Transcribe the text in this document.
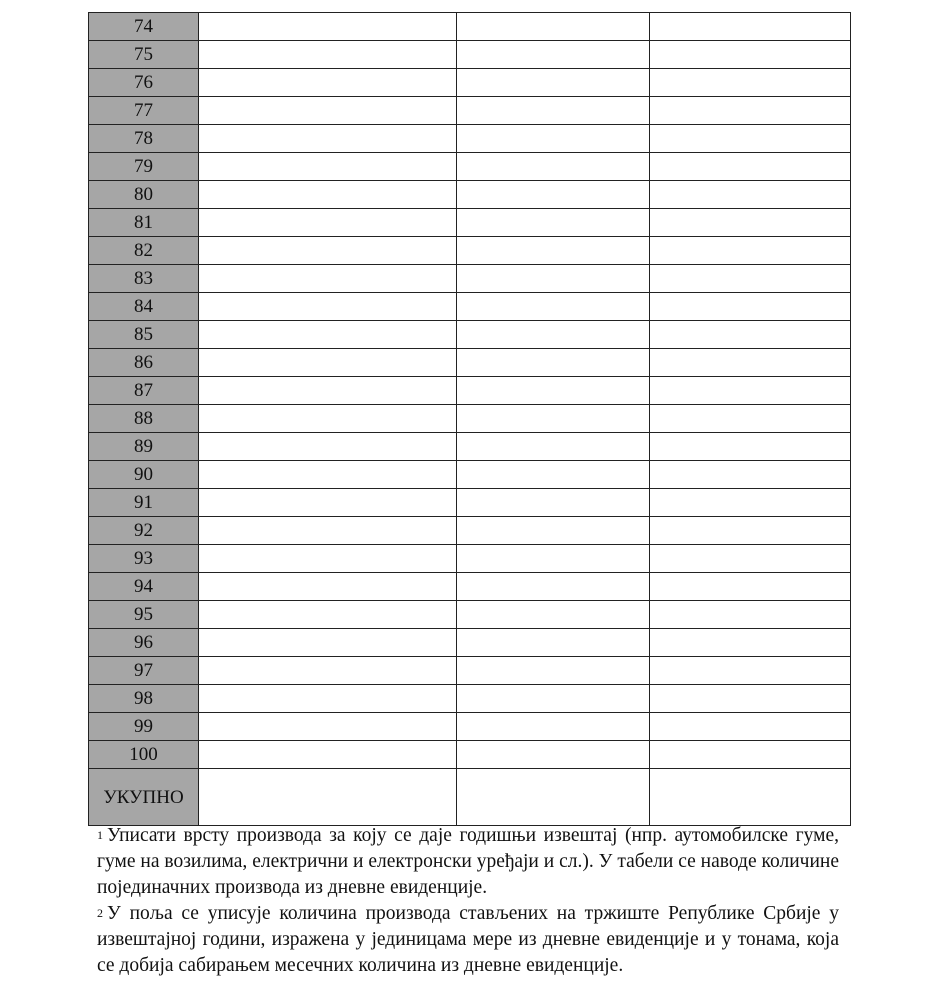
74			
75			
76			
77			
78			
79			
80			
81			
82			
83			
84			
85			
86			
87			
88			
89			
90			
91			
92			
93			
94			
95			
96			
97			
98			
99			
100			
УКУПНО			

$^1$ Уписати врсту производа за коју се даје годишњи извештај (нпр. аутомобилске гуме, гуме на возилима, електрични и електронски уређаји и сл.). У табели се наводе количине појединачних производа из дневне евиденције.

$^2$ У поља се уписује количина производа стављених на тржиште Републике Србије у извештајној години, изражена у јединицама мере из дневне евиденције и у тонама, која се добија сабирањем месечних количина из дневне евиденције.
